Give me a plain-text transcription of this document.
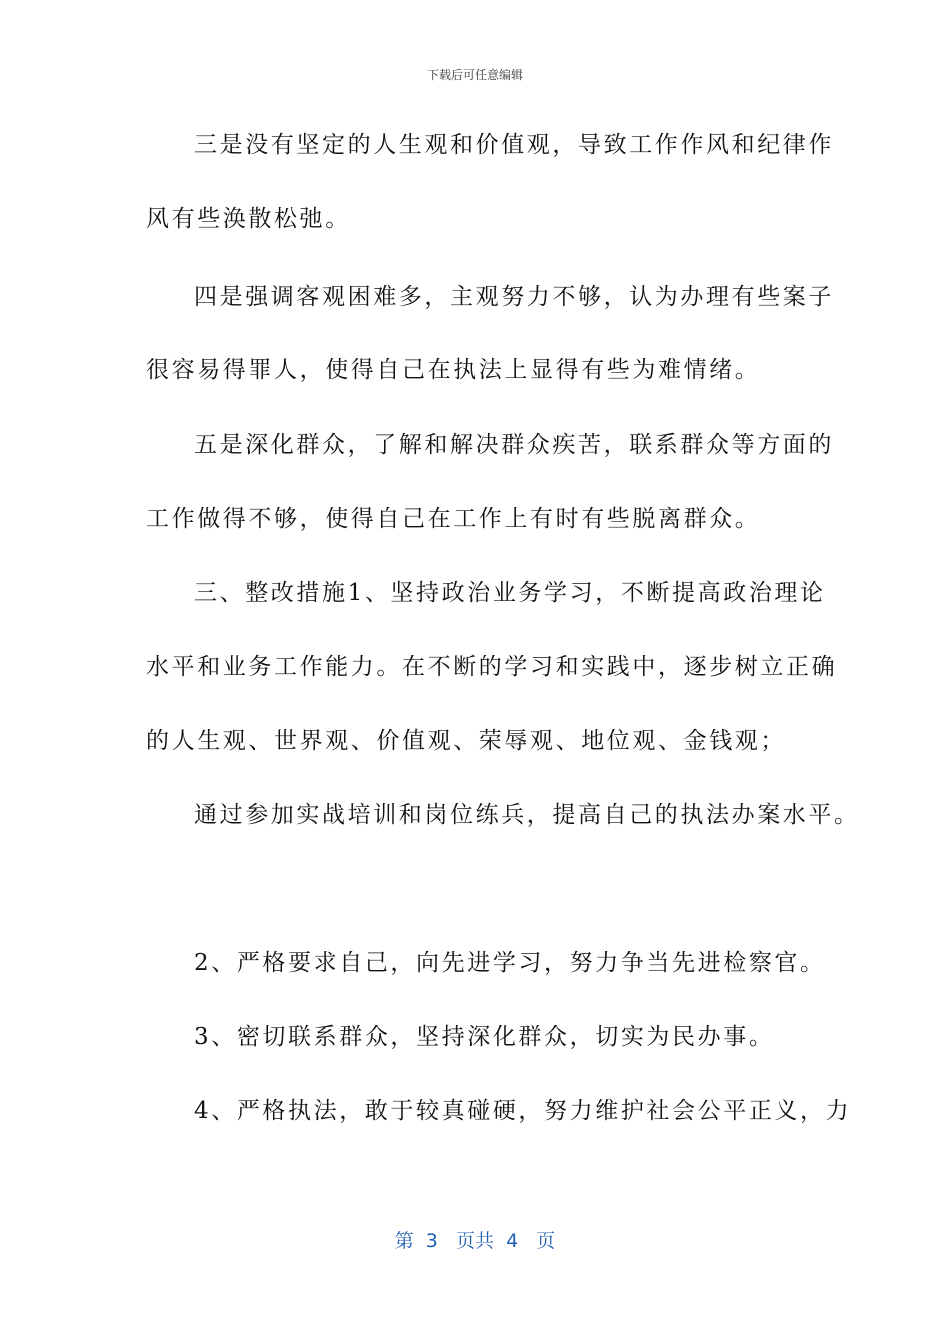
下载后可任意编辑
三是没有坚定的人生观和价值观，导致工作作风和纪律作
风有些涣散松弛。
四是强调客观困难多，主观努力不够，认为办理有些案子
很容易得罪人，使得自己在执法上显得有些为难情绪。
五是深化群众，了解和解决群众疾苦，联系群众等方面的
工作做得不够，使得自己在工作上有时有些脱离群众。
三、整改措施1、坚持政治业务学习，不断提高政治理论
水平和业务工作能力。在不断的学习和实践中，逐步树立正确
的人生观、世界观、价值观、荣辱观、地位观、金钱观；
通过参加实战培训和岗位练兵，提高自己的执法办案水平。
2、严格要求自己，向先进学习，努力争当先进检察官。
3、密切联系群众，坚持深化群众，切实为民办事。
4、严格执法，敢于较真碰硬，努力维护社会公平正义，力
第  3   页共  4   页
